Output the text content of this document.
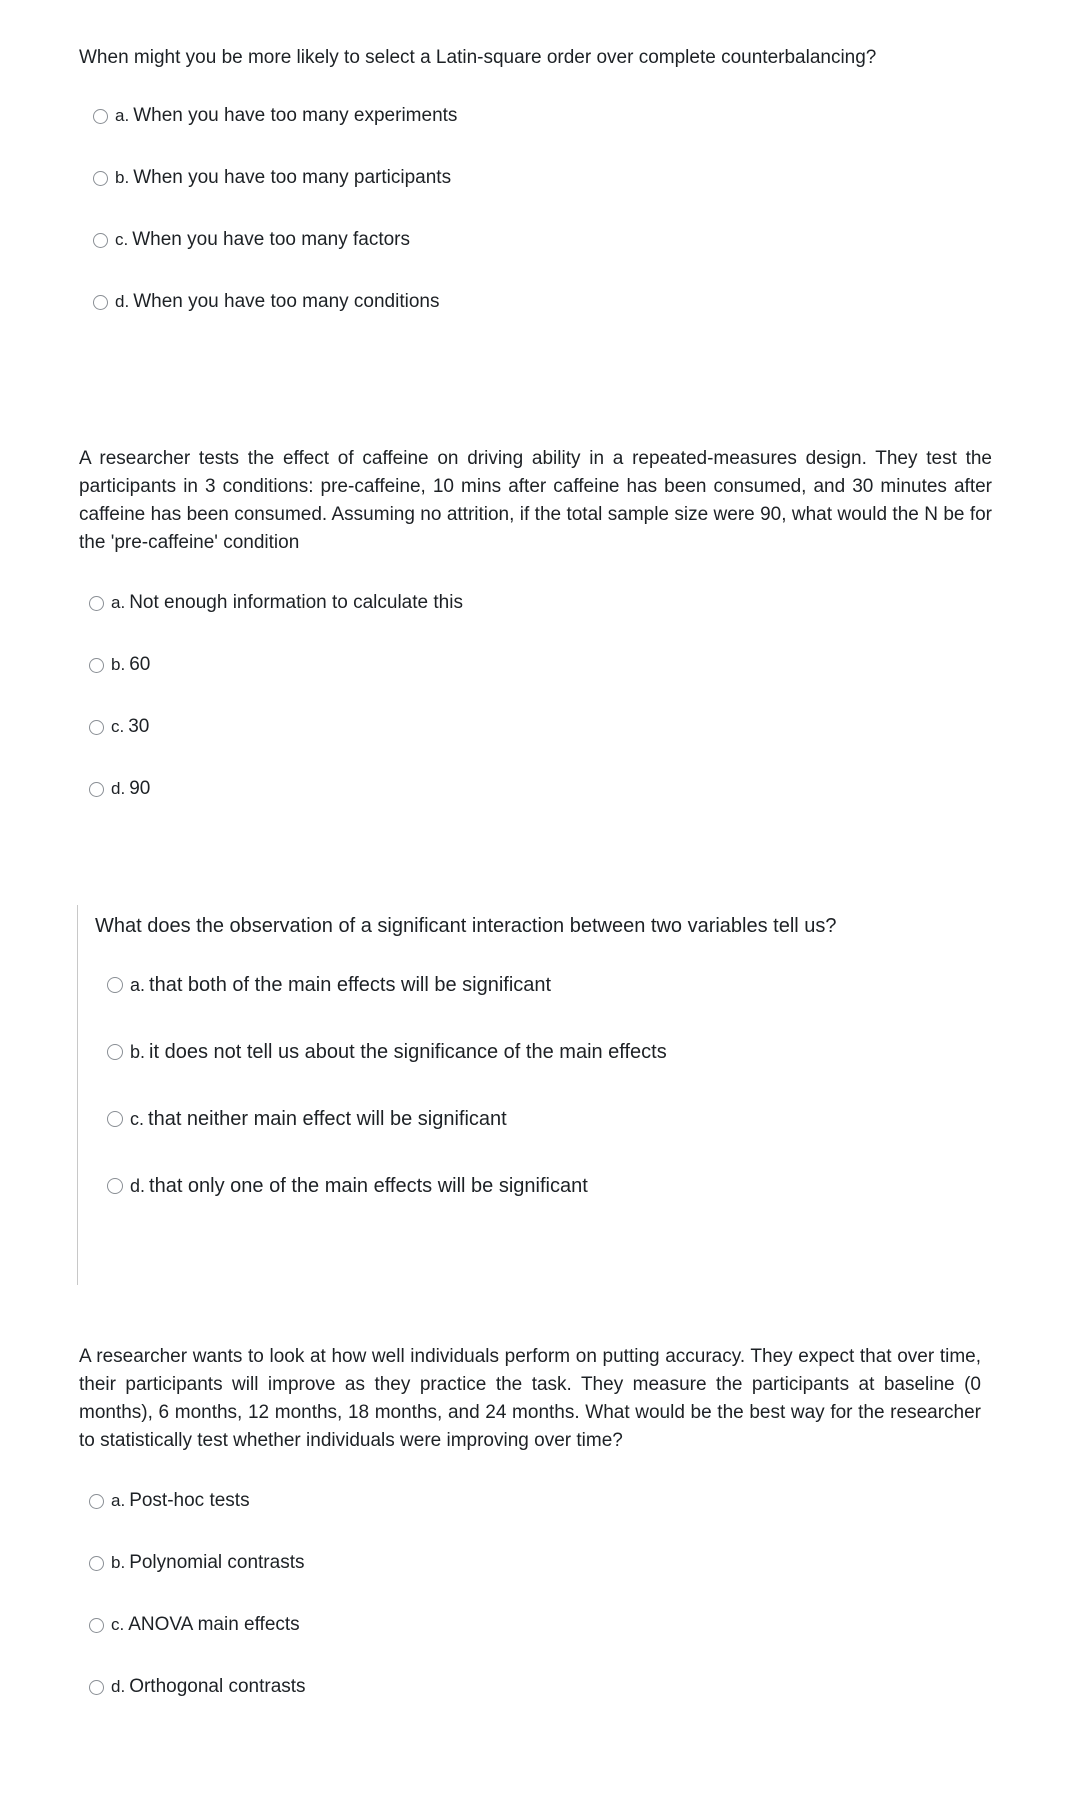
When might you be more likely to select a Latin-square order over complete counterbalancing?

a. When you have too many experiments
b. When you have too many participants
c. When you have too many factors
d. When you have too many conditions

A researcher tests the effect of caffeine on driving ability in a repeated-measures design. They test the participants in 3 conditions: pre-caffeine, 10 mins after caffeine has been consumed, and 30 minutes after caffeine has been consumed. Assuming no attrition, if the total sample size were 90, what would the N be for the 'pre-caffeine' condition

a. Not enough information to calculate this
b. 60
c. 30
d. 90

What does the observation of a significant interaction between two variables tell us?

a. that both of the main effects will be significant
b. it does not tell us about the significance of the main effects
c. that neither main effect will be significant
d. that only one of the main effects will be significant

A researcher wants to look at how well individuals perform on putting accuracy. They expect that over time, their participants will improve as they practice the task. They measure the participants at baseline (0 months), 6 months, 12 months, 18 months, and 24 months. What would be the best way for the researcher to statistically test whether individuals were improving over time?

a. Post-hoc tests
b. Polynomial contrasts
c. ANOVA main effects
d. Orthogonal contrasts
